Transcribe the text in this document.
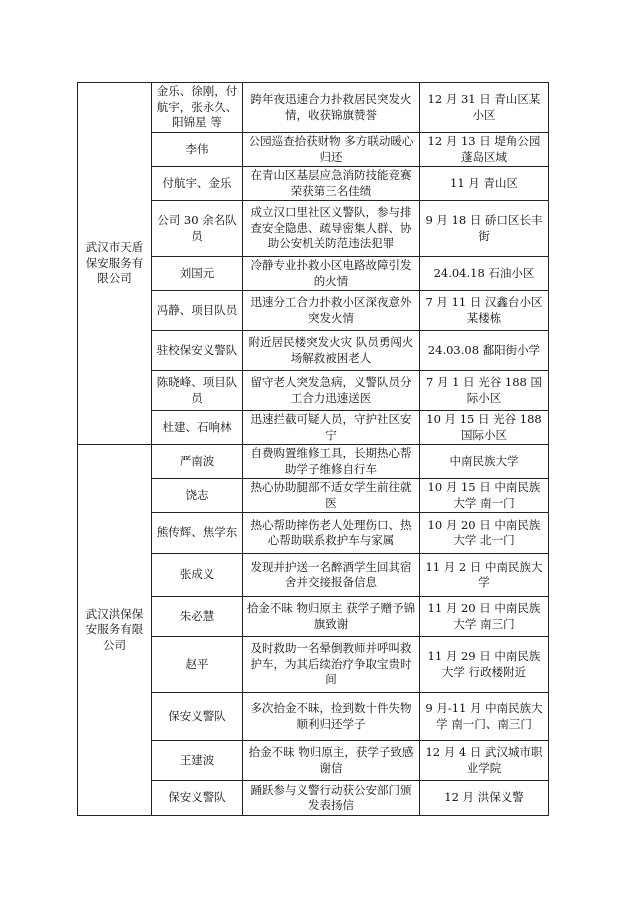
武汉市天盾保安服务有限公司	金乐、徐刚，付航宇，张永久、阳锦星 等	跨年夜迅速合力扑救居民突发火情，收获锦旗赞誉	12 月 31 日 青山区某小区
	李伟	公园巡查拾获财物 多方联动暖心归还	12 月 13 日 堤角公园蓬岛区域
	付航宇、金乐	在青山区基层应急消防技能竞赛荣获第三名佳绩	11 月 青山区
	公司 30 余名队员	成立汉口里社区义警队，参与排查安全隐患、疏导密集人群、协助公安机关防范违法犯罪	9 月 18 日 硚口区长丰街
	刘国元	冷静专业扑救小区电路故障引发的火情	24.04.18 石油小区
	冯静、项目队员	迅速分工合力扑救小区深夜意外突发火情	7 月 11 日 汉鑫台小区某楼栋
	驻校保安义警队	附近居民楼突发火灾 队员勇闯火场解救被困老人	24.03.08 鄱阳街小学
	陈晓峰、项目队员	留守老人突发急病，义警队员分工合力迅速送医	7 月 1 日 光谷 188 国际小区
	杜建、石响林	迅速拦截可疑人员，守护社区安宁	10 月 15 日 光谷 188 国际小区
武汉洪保保安服务有限公司	严南波	自费购置维修工具，长期热心帮助学子维修自行车	中南民族大学
	饶志	热心协助腿部不适女学生前往就医	10 月 15 日 中南民族大学 南一门
	熊传辉、焦学东	热心帮助摔伤老人处理伤口、热心帮助联系救护车与家属	10 月 20 日 中南民族大学 北一门
	张成义	发现并护送一名醉酒学生回其宿舍并交接报备信息	11 月 2 日 中南民族大学
	朱必慧	拾金不昧 物归原主 获学子赠予锦旗致谢	11 月 20 日 中南民族大学 南三门
	赵平	及时救助一名晕倒教师并呼叫救护车，为其后续治疗争取宝贵时间	11 月 29 日 中南民族大学 行政楼附近
	保安义警队	多次拾金不昧，捡到数十件失物顺利归还学子	9 月-11 月 中南民族大学 南一门、南三门
	王建波	拾金不昧 物归原主，获学子致感谢信	12 月 4 日 武汉城市职业学院
	保安义警队	踊跃参与义警行动获公安部门颁发表扬信	12 月 洪保义警
